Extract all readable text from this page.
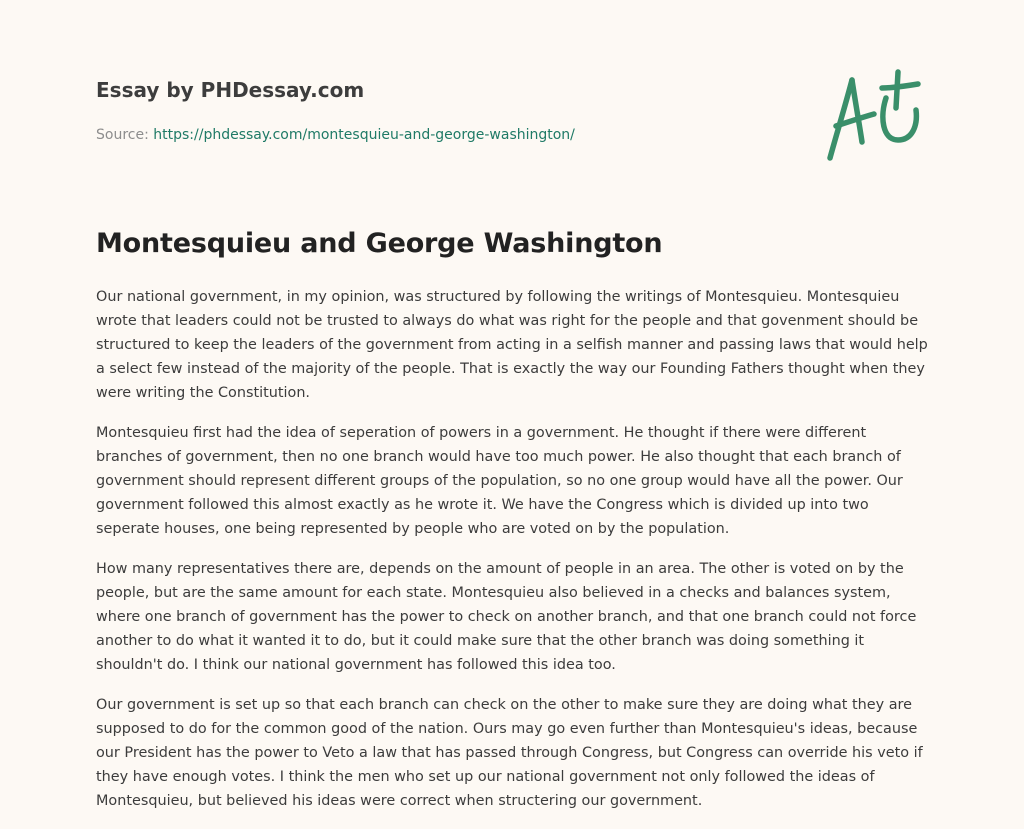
Essay by PHDessay.com
Source: https://phdessay.com/montesquieu-and-george-washington/
Montesquieu and George Washington

Our national government, in my opinion, was structured by following the writings of Montesquieu. Montesquieu wrote that leaders could not be trusted to always do what was right for the people and that govenment should be structured to keep the leaders of the government from acting in a selfish manner and passing laws that would help a select few instead of the majority of the people. That is exactly the way our Founding Fathers thought when they were writing the Constitution.

Montesquieu first had the idea of seperation of powers in a government. He thought if there were different branches of government, then no one branch would have too much power. He also thought that each branch of government should represent different groups of the population, so no one group would have all the power. Our government followed this almost exactly as he wrote it. We have the Congress which is divided up into two seperate houses, one being represented by people who are voted on by the population.

How many representatives there are, depends on the amount of people in an area. The other is voted on by the people, but are the same amount for each state. Montesquieu also believed in a checks and balances system, where one branch of government has the power to check on another branch, and that one branch could not force another to do what it wanted it to do, but it could make sure that the other branch was doing something it shouldn't do. I think our national government has followed this idea too.

Our government is set up so that each branch can check on the other to make sure they are doing what they are supposed to do for the common good of the nation. Ours may go even further than Montesquieu's ideas, because our President has the power to Veto a law that has passed through Congress, but Congress can override his veto if they have enough votes. I think the men who set up our national government not only followed the ideas of Montesquieu, but believed his ideas were correct when structering our government.
